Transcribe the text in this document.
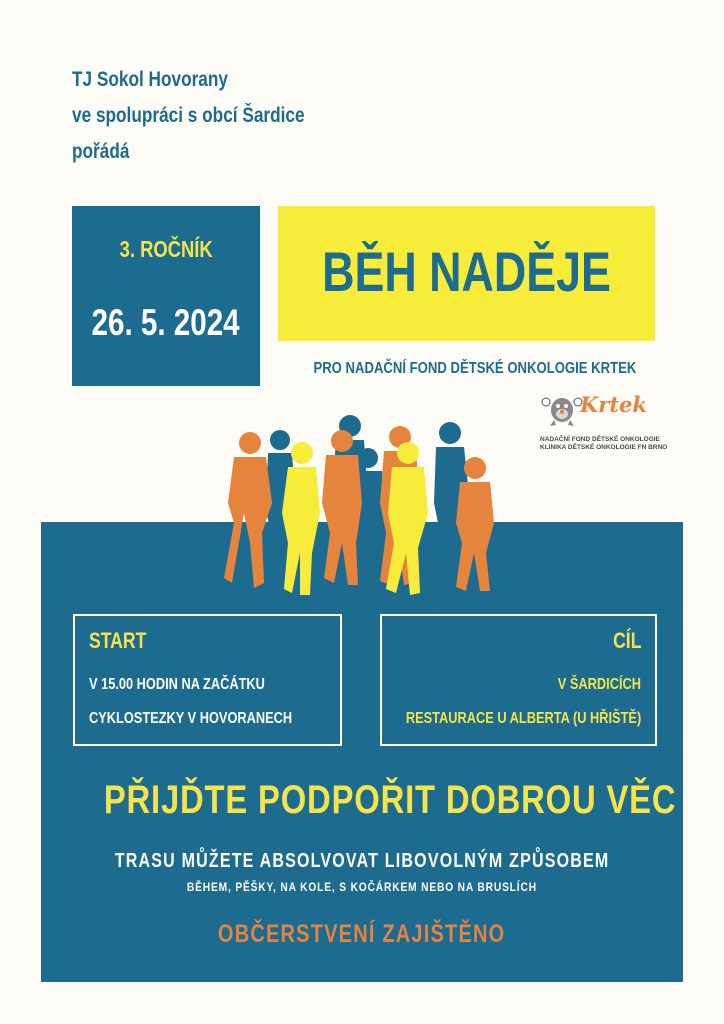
TJ Sokol Hovorany
ve spolupráci s obcí Šardice
pořádá
3. ROČNÍK
26. 5. 2024
BĚH NADĚJE
PRO NADAČNÍ FOND DĚTSKÉ ONKOLOGIE KRTEK
Krtek
NADAČNÍ FOND DĚTSKÉ ONKOLOGIE
KLINIKA DĚTSKÉ ONKOLOGIE FN BRNO
START
V 15.00 HODIN NA ZAČÁTKU
CYKLOSTEZKY V HOVORANECH
CÍL
V ŠARDICÍCH
RESTAURACE U ALBERTA (U HŘIŠTĚ)
PŘIJĎTE PODPOŘIT DOBROU VĚC
TRASU MŮŽETE ABSOLVOVAT LIBOVOLNÝM ZPŮSOBEM
BĚHEM, PĚŠKY, NA KOLE, S KOČÁRKEM NEBO NA BRUSLÍCH
OBČERSTVENÍ ZAJIŠTĚNO
